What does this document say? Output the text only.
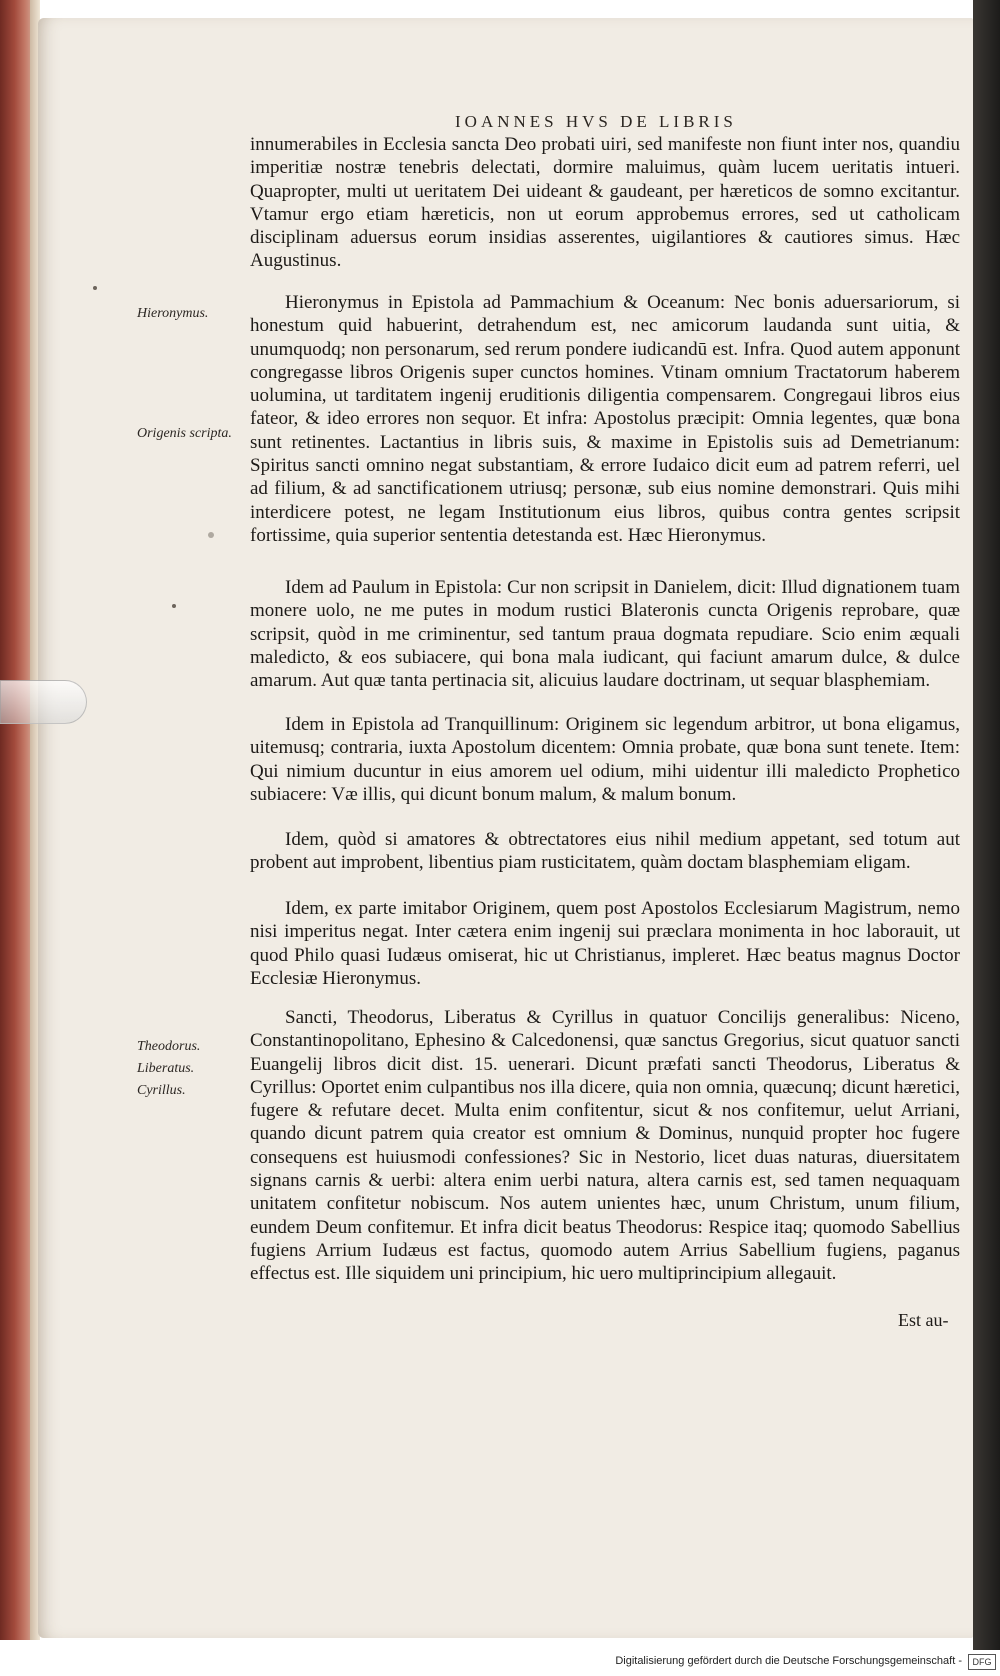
IOANNES HVS DE LIBRIS

innumerabiles in Ecclesia sancta Deo probati uiri, sed manifeste non fiunt inter nos, quandiu imperitiæ nostræ tenebris delectati, dormire maluimus, quàm lucem ueritatis intueri. Quapropter, multi ut ueritatem Dei uideant & gaudeant, per hæreticos de somno excitantur. Vtamur ergo etiam hæreticis, non ut eorum approbemus errores, sed ut catholicam disciplinam aduersus eorum insidias asserentes, uigilantiores & cautiores simus. Hæc Augustinus.

Hieronymus in Epistola ad Pammachium & Oceanum: Nec bonis aduersariorum, si honestum quid habuerint, detrahendum est, nec amicorum laudanda sunt uitia, & unumquodq; non personarum, sed rerum pondere iudicandū est. Infra. Quod autem apponunt congregasse libros Origenis super cunctos homines. Vtinam omnium Tractatorum haberem uolumina, ut tarditatem ingenij eruditionis diligentia compensarem. Congregaui libros eius fateor, & ideo errores non sequor. Et infra: Apostolus præcipit: Omnia legentes, quæ bona sunt retinentes. Lactantius in libris suis, & maxime in Epistolis suis ad Demetrianum: Spiritus sancti omnino negat substantiam, & errore Iudaico dicit eum ad patrem referri, uel ad filium, & ad sanctificationem utriusq; personæ, sub eius nomine demonstrari. Quis mihi interdicere potest, ne legam Institutionum eius libros, quibus contra gentes scripsit fortissime, quia superior sententia detestanda est. Hæc Hieronymus.

Idem ad Paulum in Epistola: Cur non scripsit in Danielem, dicit: Illud dignationem tuam monere uolo, ne me putes in modum rustici Blateronis cuncta Origenis reprobare, quæ scripsit, quòd in me criminentur, sed tantum praua dogmata repudiare. Scio enim æquali maledicto, & eos subiacere, qui bona mala iudicant, qui faciunt amarum dulce, & dulce amarum. Aut quæ tanta pertinacia sit, alicuius laudare doctrinam, ut sequar blasphemiam.

Idem in Epistola ad Tranquillinum: Originem sic legendum arbitror, ut bona eligamus, uitemusq; contraria, iuxta Apostolum dicentem: Omnia probate, quæ bona sunt tenete. Item: Qui nimium ducuntur in eius amorem uel odium, mihi uidentur illi maledicto Prophetico subiacere: Væ illis, qui dicunt bonum malum, & malum bonum.

Idem, quòd si amatores & obtrectatores eius nihil medium appetant, sed totum aut probent aut improbent, libentius piam rusticitatem, quàm doctam blasphemiam eligam.

Idem, ex parte imitabor Originem, quem post Apostolos Ecclesiarum Magistrum, nemo nisi imperitus negat. Inter cætera enim ingenij sui præclara monimenta in hoc laborauit, ut quod Philo quasi Iudæus omiserat, hic ut Christianus, impleret. Hæc beatus magnus Doctor Ecclesiæ Hieronymus.

Sancti, Theodorus, Liberatus & Cyrillus in quatuor Concilijs generalibus: Niceno, Constantinopolitano, Ephesino & Calcedonensi, quæ sanctus Gregorius, sicut quatuor sancti Euangelij libros dicit dist. 15. uenerari. Dicunt præfati sancti Theodorus, Liberatus & Cyrillus: Oportet enim culpantibus nos illa dicere, quia non omnia, quæcunq; dicunt hæretici, fugere & refutare decet. Multa enim confitentur, sicut & nos confitemur, uelut Arriani, quando dicunt patrem quia creator est omnium & Dominus, nunquid propter hoc fugere consequens est huiusmodi confessiones? Sic in Nestorio, licet duas naturas, diuersitatem signans carnis & uerbi: altera enim uerbi natura, altera carnis est, sed tamen nequaquam unitatem confitetur nobiscum. Nos autem unientes hæc, unum Christum, unum filium, eundem Deum confitemur. Et infra dicit beatus Theodorus: Respice itaq; quomodo Sabellius fugiens Arrium Iudæus est factus, quomodo autem Arrius Sabellium fugiens, paganus effectus est. Ille siquidem uni principium, hic uero multiprincipium allegauit.

Hieronymus.
Origenis scripta.
Theodorus.
Liberatus.
Cyrillus.
Est au-
Digitalisierung gefördert durch die Deutsche Forschungsgemeinschaft -	DFG
